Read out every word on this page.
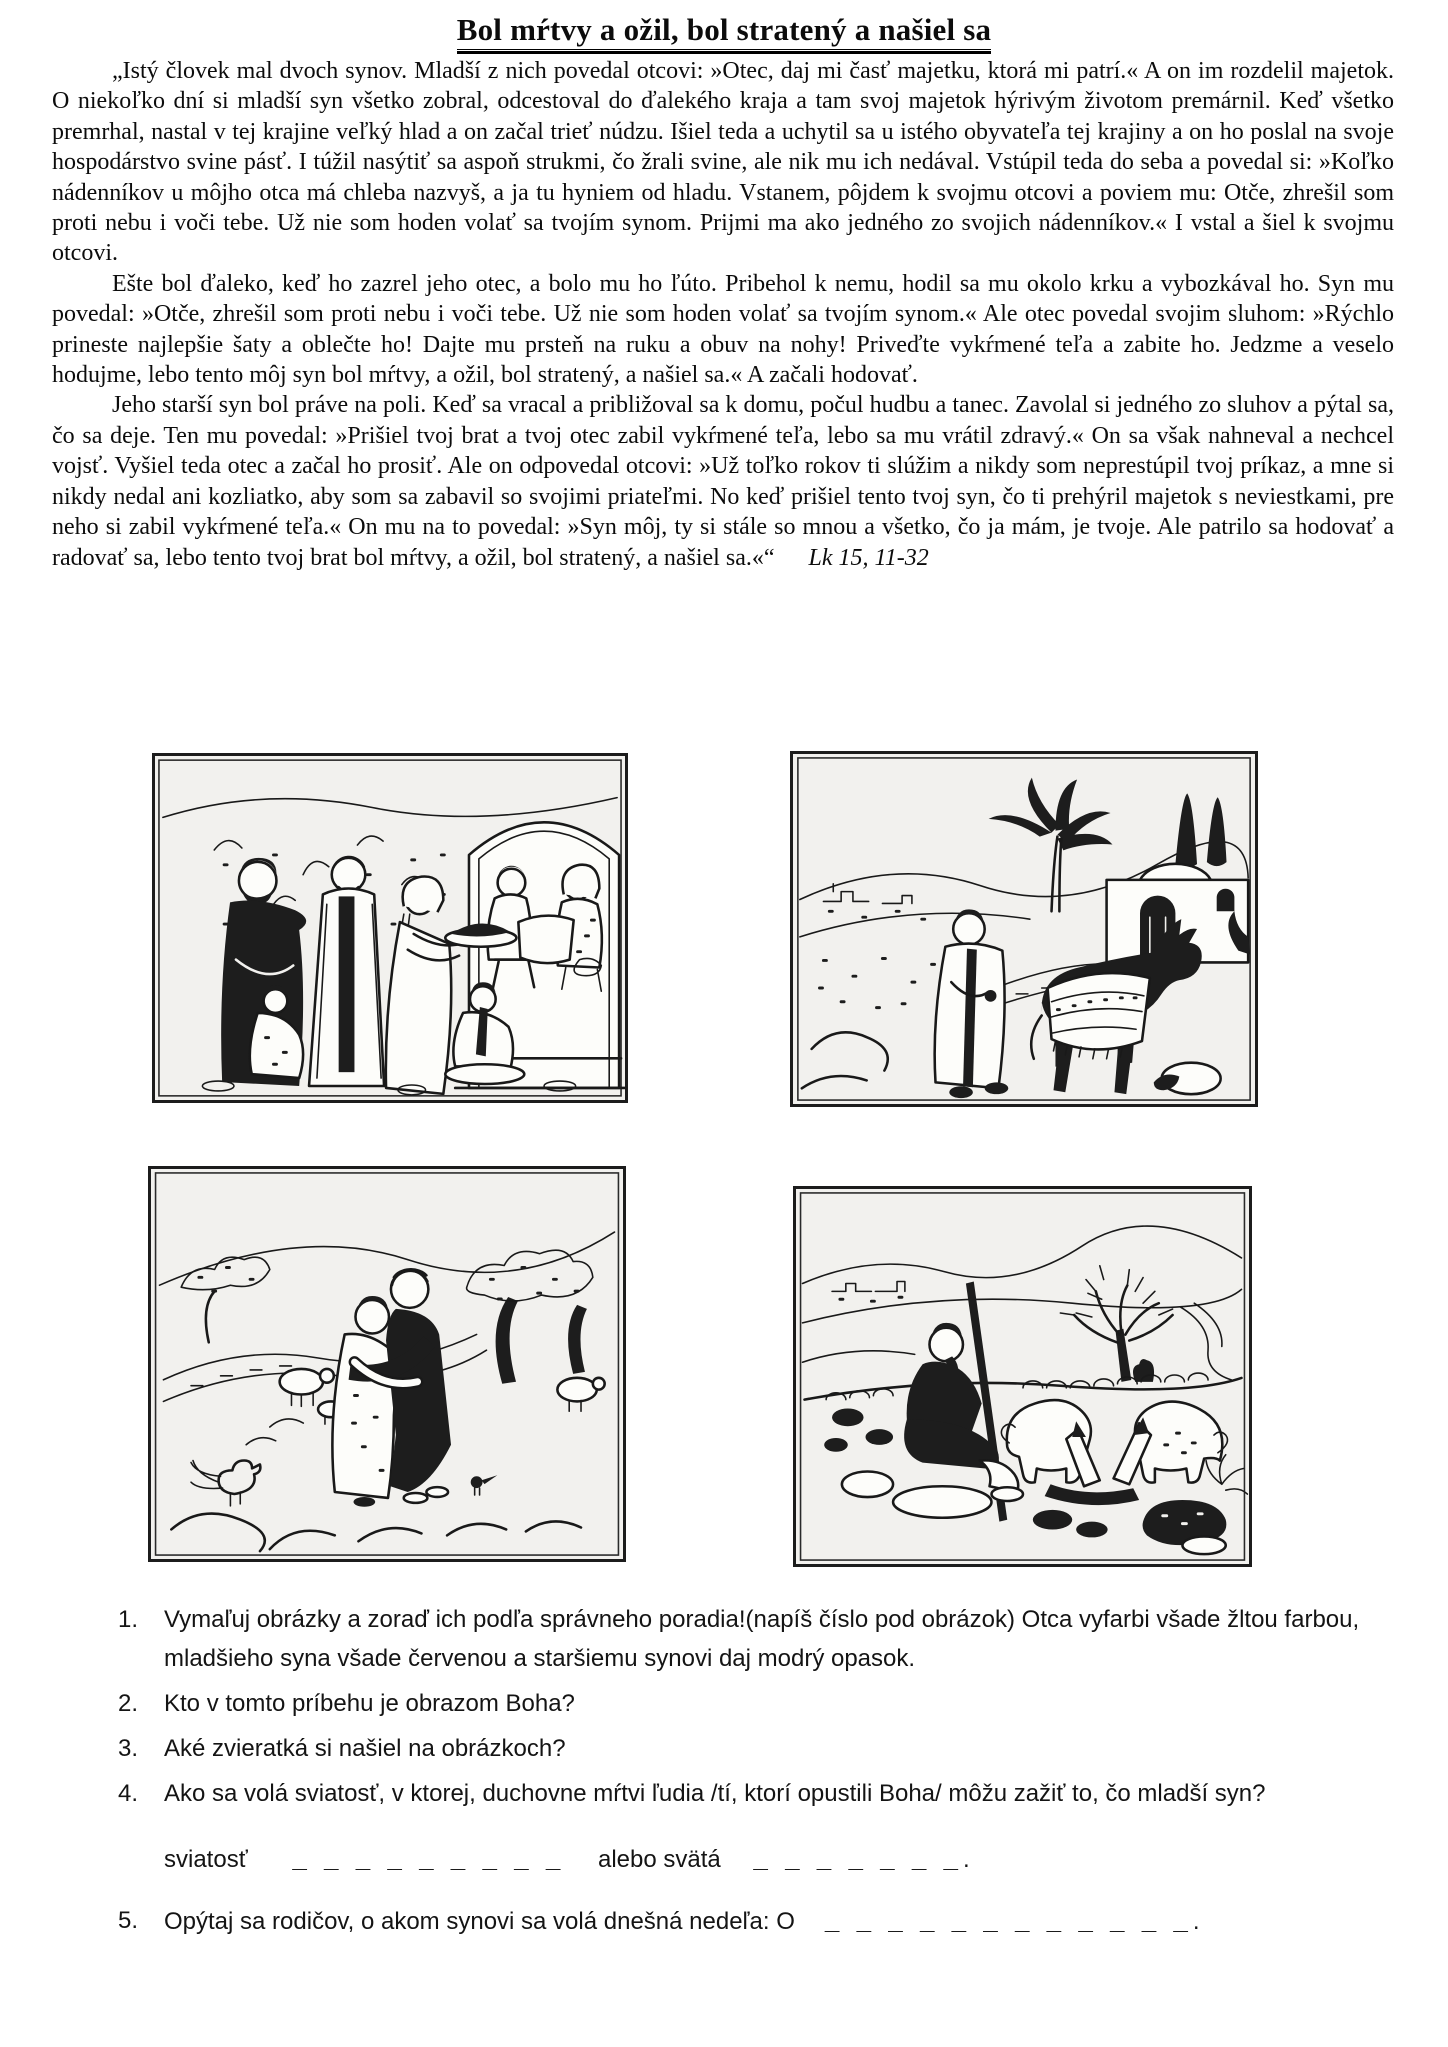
Bol mŕtvy a ožil, bol stratený a našiel sa

„Istý človek mal dvoch synov. Mladší z nich povedal otcovi: »Otec, daj mi časť majetku, ktorá mi patrí.« A on im rozdelil majetok. O niekoľko dní si mladší syn všetko zobral, odcestoval do ďalekého kraja a tam svoj majetok hýrivým životom premárnil. Keď všetko premrhal, nastal v tej krajine veľký hlad a on začal trieť núdzu. Išiel teda a uchytil sa u istého obyvateľa tej krajiny a on ho poslal na svoje hospodárstvo svine pásť. I túžil nasýtiť sa aspoň strukmi, čo žrali svine, ale nik mu ich nedával. Vstúpil teda do seba a povedal si: »Koľko nádenníkov u môjho otca má chleba nazvyš, a ja tu hyniem od hladu. Vstanem, pôjdem k svojmu otcovi a poviem mu: Otče, zhrešil som proti nebu i voči tebe. Už nie som hoden volať sa tvojím synom. Prijmi ma ako jedného zo svojich nádenníkov.« I vstal a šiel k svojmu otcovi.

Ešte bol ďaleko, keď ho zazrel jeho otec, a bolo mu ho ľúto. Pribehol k nemu, hodil sa mu okolo krku a vybozkával ho. Syn mu povedal: »Otče, zhrešil som proti nebu i voči tebe. Už nie som hoden volať sa tvojím synom.« Ale otec povedal svojim sluhom: »Rýchlo prineste najlepšie šaty a oblečte ho! Dajte mu prsteň na ruku a obuv na nohy! Priveďte vykŕmené teľa a zabite ho. Jedzme a veselo hodujme, lebo tento môj syn bol mŕtvy, a ožil, bol stratený, a našiel sa.« A začali hodovať.

Jeho starší syn bol práve na poli. Keď sa vracal a približoval sa k domu, počul hudbu a tanec. Zavolal si jedného zo sluhov a pýtal sa, čo sa deje. Ten mu povedal: »Prišiel tvoj brat a tvoj otec zabil vykŕmené teľa, lebo sa mu vrátil zdravý.« On sa však nahneval a nechcel vojsť. Vyšiel teda otec a začal ho prosiť. Ale on odpovedal otcovi: »Už toľko rokov ti slúžim a nikdy som neprestúpil tvoj príkaz, a mne si nikdy nedal ani kozliatko, aby som sa zabavil so svojimi priateľmi. No keď prišiel tento tvoj syn, čo ti prehýril majetok s neviestkami, pre neho si zabil vykŕmené teľa.« On mu na to povedal: »Syn môj, ty si stále so mnou a všetko, čo ja mám, je tvoje. Ale patrilo sa hodovať a radovať sa, lebo tento tvoj brat bol mŕtvy, a ožil, bol stratený, a našiel sa.«“ Lk 15, 11-32

1.	Vymaľuj obrázky a zoraď ich podľa správneho poradia!(napíš číslo pod obrázok) Otca vyfarbi všade žltou farbou, mladšieho syna všade červenou a staršiemu synovi daj modrý opasok.
2.	Kto v tomto príbehu je obrazom Boha?
3.	Aké zvieratká si našiel na obrázkoch?
4.	Ako sa volá sviatosť, v ktorej, duchovne mŕtvi ľudia /tí, ktorí opustili Boha/ môžu zažiť to, čo mladší syn?
sviatosť _ _ _ _ _ _ _ _ _ alebo svätá _ _ _ _ _ _ _.
5.	Opýtaj sa rodičov, o akom synovi sa volá dnešná nedeľa: O _ _ _ _ _ _ _ _ _ _ _ _.
